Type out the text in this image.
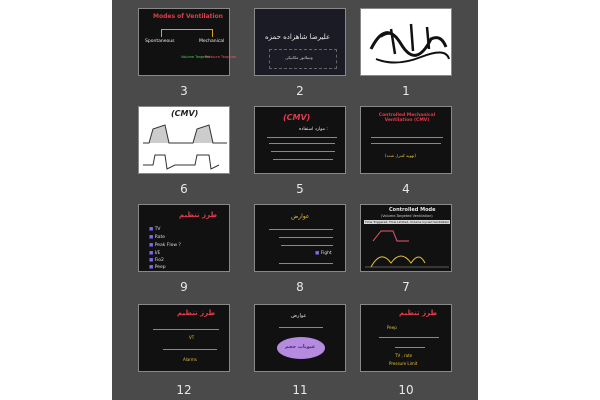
Modes of Ventilation
Spontaneous	Mechanical
Volume Targeted
Pressure Targeted
3
علیرضا شاهزاده حمزه
ونتیلاتور مکانیکی
2	1
(CMV)
6
(CMV)
موارد استفاده :
5
Controlled Mechanical Ventilation (CMV)
(تهویه کنترل شده)
4
طرز تنظیم
■ TV
■ Rate
■ Peak Flow ?
■ I/E
■ Fio2
■ Peep
9
عوارض
■ Fight
8
Controlled Mode
(Volume-Targeted Ventilation)
Time Triggered, Flow Limited, Volume Cycled Ventilation
7
طرز تنظیم
VT
Alarms
12
عوارض
عیوبات حجم
11
طرز تنظیم
Peep
TV , rate
Pressure Limit
10
